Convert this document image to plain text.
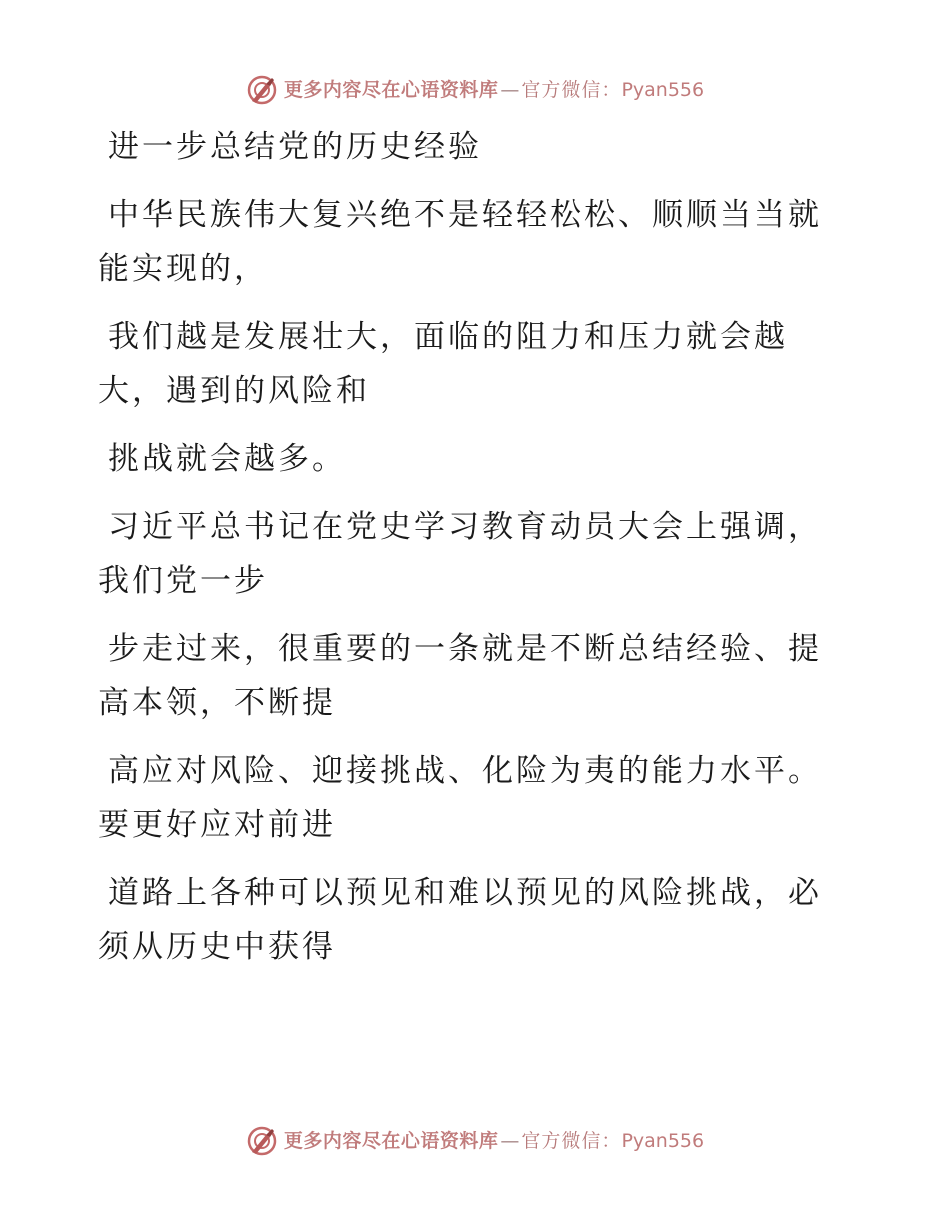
更多内容尽在心语资料库 — 官方微信： Pyan556

进一步总结党的历史经验

中华民族伟大复兴绝不是轻轻松松、顺顺当当就
能实现的，

我们越是发展壮大，面临的阻力和压力就会越
大，遇到的风险和

挑战就会越多。

习近平总书记在党史学习教育动员大会上强调，
我们党一步

步走过来，很重要的一条就是不断总结经验、提
高本领，不断提

高应对风险、迎接挑战、化险为夷的能力水平。
要更好应对前进

道路上各种可以预见和难以预见的风险挑战，必
须从历史中获得

更多内容尽在心语资料库 — 官方微信： Pyan556
